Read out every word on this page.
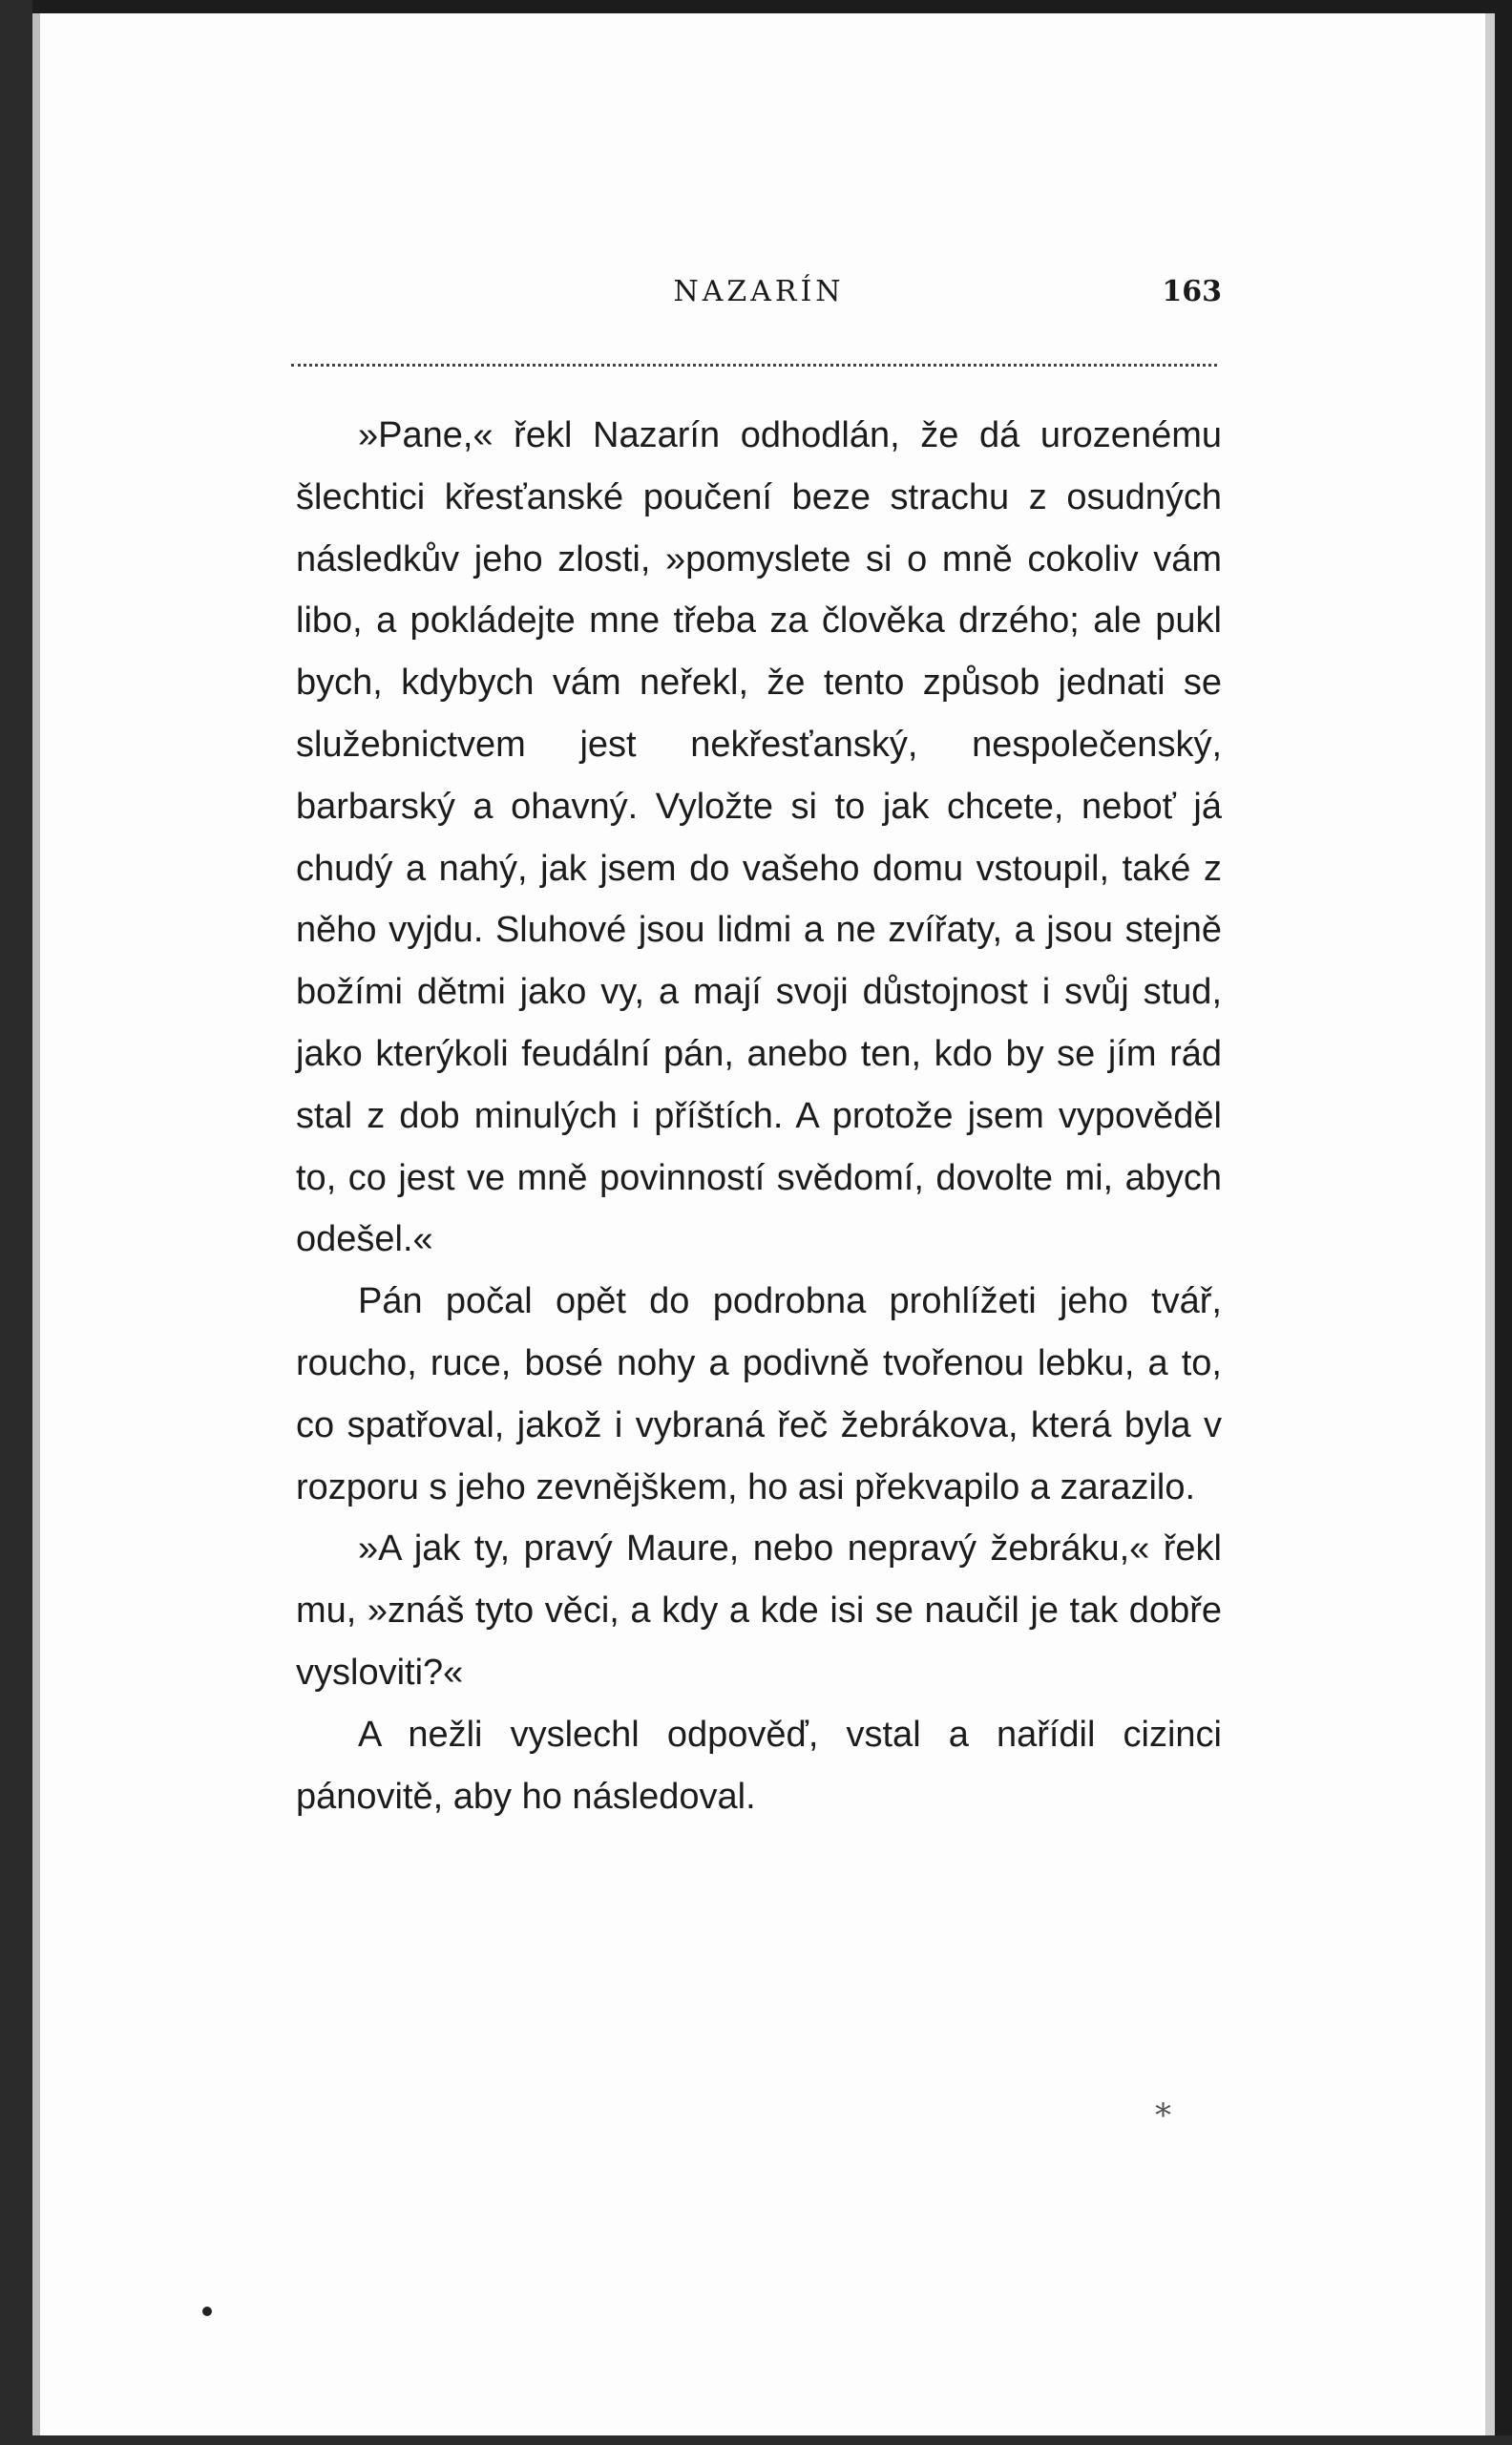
NAZARÍN	163

»Pane,« řekl Nazarín odhodlán, že dá urozenému šlechtici křesťanské poučení beze strachu z osudných následkův jeho zlosti, »pomyslete si o mně cokoliv vám libo, a pokládejte mne třeba za člověka drzého; ale pukl bych, kdybych vám neřekl, že tento způsob jednati se služebnictvem jest nekřesťanský, nespolečenský, barbarský a ohavný. Vyložte si to jak chcete, neboť já chudý a nahý, jak jsem do vašeho domu vstoupil, také z něho vyjdu. Sluhové jsou lidmi a ne zvířaty, a jsou stejně božími dětmi jako vy, a mají svoji důstojnost i svůj stud, jako kterýkoli feudální pán, anebo ten, kdo by se jím rád stal z dob minulých i příštích. A protože jsem vypověděl to, co jest ve mně povinností svědomí, dovolte mi, abych odešel.«

Pán počal opět do podrobna prohlížeti jeho tvář, roucho, ruce, bosé nohy a podivně tvořenou lebku, a to, co spatřoval, jakož i vybraná řeč žebrákova, která byla v rozporu s jeho zevnějškem, ho asi překvapilo a zarazilo.

»A jak ty, pravý Maure, nebo nepravý žebráku,« řekl mu, »znáš tyto věci, a kdy a kde isi se naučil je tak dobře vysloviti?«

A nežli vyslechl odpověď, vstal a nařídil cizinci pánovitě, aby ho následoval.

*
